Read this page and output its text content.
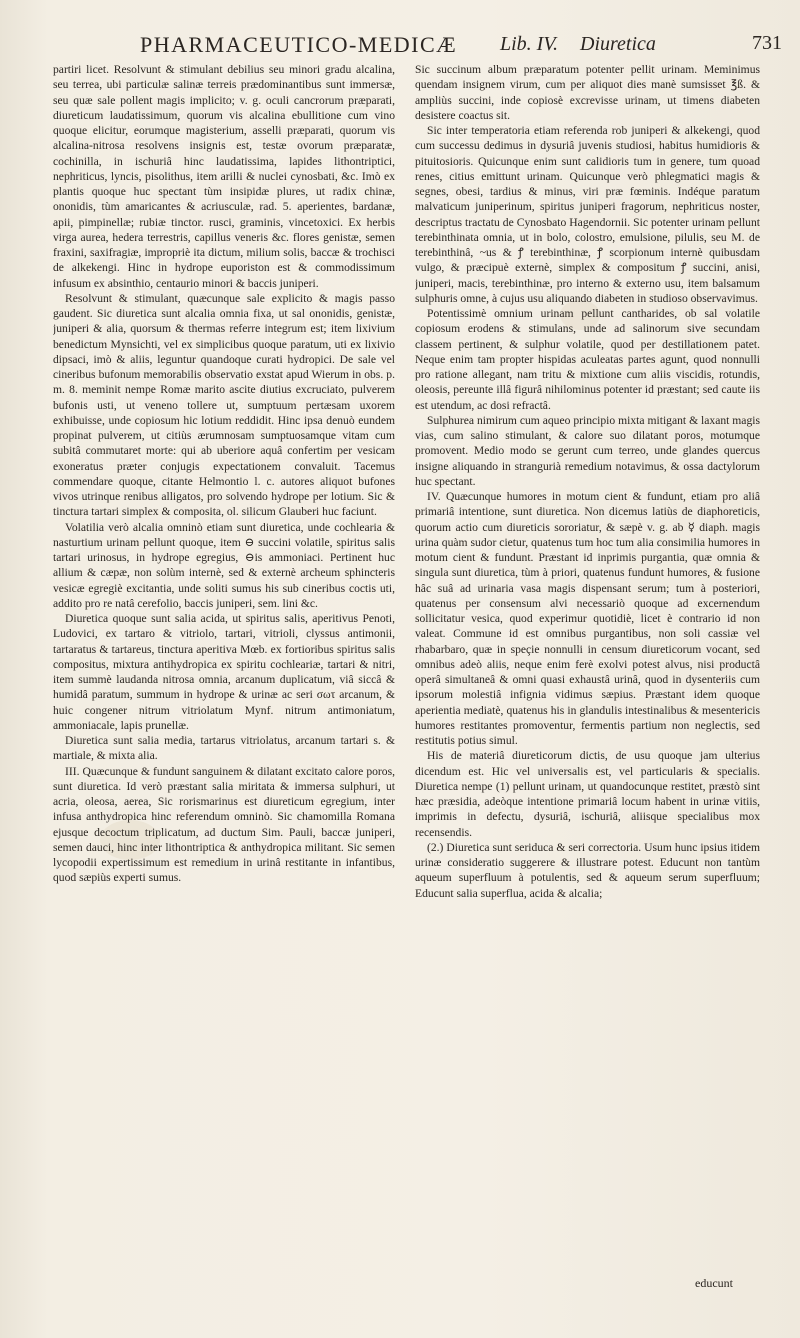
PHARMACEUTICO-MEDICÆ Lib. IV. Diuretica	731

partiri licet. Resolvunt & stimulant debilius seu minori gradu alcalina, seu terrea, ubi particulæ salinæ terreis prædominantibus sunt immersæ, seu quæ sale pollent magis implicito; v. g. oculi cancrorum præparati, diureticum laudatissimum, quorum vis alcalina ebullitione cum vino quoque elicitur, eorumque magisterium, asselli præparati, quorum vis alcalina-nitrosa resolvens insignis est, testæ ovorum præparatæ, cochinilla, in ischuriâ hinc laudatissima, lapides lithontriptici, nephriticus, lyncis, pisolithus, item arilli & nuclei cynosbati, &c. Imò ex plantis quoque huc spectant tùm insipidæ plures, ut radix chinæ, ononidis, tùm amaricantes & acriusculæ, rad. 5. aperientes, bardanæ, apii, pimpinellæ; rubiæ tinctor. rusci, graminis, vincetoxici. Ex herbis virga aurea, hedera terrestris, capillus veneris &c. flores genistæ, semen fraxini, saxifragiæ, impropriè ita dictum, milium solis, baccæ & trochisci de alkekengi. Hinc in hydrope euporiston est & commodissimum infusum ex absinthio, centaurio minori & baccis juniperi.

Resolvunt & stimulant, quæcunque sale explicito & magis passo gaudent. Sic diuretica sunt alcalia omnia fixa, ut sal ononidis, genistæ, juniperi & alia, quorsum & thermas referre integrum est; item lixivium benedictum Mynsichti, vel ex simplicibus quoque paratum, uti ex lixivio dipsaci, imò & aliis, leguntur quandoque curati hydropici. De sale vel cineribus bufonum memorabilis observatio exstat apud Wierum in obs. p. m. 8. meminit nempe Romæ marito ascite diutius excruciato, pulverem bufonis usti, ut veneno tollere ut, sumptuum pertæsam uxorem exhibuisse, unde copiosum hic lotium reddidit. Hinc ipsa denuò eundem propinat pulverem, ut citiùs ærumnosam sumptuosamque vitam cum subitâ commutaret morte: qui ab uberiore aquâ confertim per vesicam exoneratus præter conjugis expectationem convaluit. Tacemus commendare quoque, citante Helmontio l. c. autores aliquot bufones vivos utrinque renibus alligatos, pro solvendo hydrope per lotium. Sic & tinctura tartari simplex & composita, ol. silicum Glauberi huc faciunt.

Volatilia verò alcalia omninò etiam sunt diuretica, unde cochlearia & nasturtium urinam pellunt quoque, item ⊖ succini volatile, spiritus salis tartari urinosus, in hydrope egregius, ⊖is ammoniaci. Pertinent huc allium & cæpæ, non solùm internè, sed & externè archeum sphincteris vesicæ egregiè excitantia, unde soliti sumus his sub cineribus coctis uti, addito pro re natâ cerefolio, baccis juniperi, sem. lini &c.

Diuretica quoque sunt salia acida, ut spiritus salis, aperitivus Penoti, Ludovici, ex tartaro & vitriolo, tartari, vitrioli, clyssus antimonii, tartaratus & tartareus, tinctura aperitiva Mœb. ex fortioribus spiritus salis compositus, mixtura antihydropica ex spiritu cochleariæ, tartari & nitri, item summè laudanda nitrosa omnia, arcanum duplicatum, viâ siccâ & humidâ paratum, summum in hydrope & urinæ ac seri σωτ arcanum, & huic congener nitrum vitriolatum Mynf. nitrum antimoniatum, ammoniacale, lapis prunellæ.

Diuretica sunt salia media, tartarus vitriolatus, arcanum tartari s. & martiale, & mixta alia.

III. Quæcunque & fundunt sanguinem & dilatant excitato calore poros, sunt diuretica. Id verò præstant salia miritata & immersa sulphuri, ut acria, oleosa, aerea, Sic rorismarinus est diureticum egregium, inter infusa anthydropica hinc referendum omninò. Sic chamomilla Romana ejusque decoctum triplicatum, ad ductum Sim. Pauli, baccæ juniperi, semen dauci, hinc inter lithontriptica & anthydropica militant. Sic semen lycopodii expertissimum est remedium in urinâ restitante in infantibus, quod sæpiùs experti sumus.

Sic succinum album præparatum potenter pellit urinam. Meminimus quendam insignem virum, cum per aliquot dies manè sumsisset ℥ß. & ampliùs succini, inde copiosè excrevisse urinam, ut timens diabeten desistere coactus sit.

Sic inter temperatoria etiam referenda rob juniperi & alkekengi, quod cum successu dedimus in dysuriâ juvenis studiosi, habitus humidioris & pituitosioris. Quicunque enim sunt calidioris tum in genere, tum quoad renes, citius emittunt urinam. Quicunque verò phlegmatici magis & segnes, obesi, tardius & minus, viri præ fœminis. Indéque paratum malvaticum juniperinum, spiritus juniperi fragorum, nephriticus noster, descriptus tractatu de Cynosbato Hagendornii. Sic potenter urinam pellunt terebinthinata omnia, ut in bolo, colostro, emulsione, pilulis, seu M. de terebinthinâ, ~us & ꝭ terebinthinæ, ꝭ scorpionum internè quibusdam vulgo, & præcipuè externè, simplex & compositum ꝭ succini, anisi, juniperi, macis, terebinthinæ, pro interno & externo usu, item balsamum sulphuris omne, à cujus usu aliquando diabeten in studioso observavimus.

Potentissimè omnium urinam pellunt cantharides, ob sal volatile copiosum erodens & stimulans, unde ad salinorum sive secundam classem pertinent, & sulphur volatile, quod per destillationem patet. Neque enim tam propter hispidas aculeatas partes agunt, quod nonnulli pro ratione allegant, nam tritu & mixtione cum aliis viscidis, rotundis, oleosis, pereunte illâ figurâ nihilominus potenter id præstant; sed caute iis est utendum, ac dosi refractâ.

Sulphurea nimirum cum aqueo principio mixta mitigant & laxant magis vias, cum salino stimulant, & calore suo dilatant poros, motumque promovent. Medio modo se gerunt cum terreo, unde glandes quercus insigne aliquando in strangurià remedium notavimus, & ossa dactylorum huc spectant.

IV. Quæcunque humores in motum cient & fundunt, etiam pro aliâ primariâ intentione, sunt diuretica. Non dicemus latiùs de diaphoreticis, quorum actio cum diureticis sororiatur, & sæpè v. g. ab ☿ diaph. magis urina quàm sudor cietur, quatenus tum hoc tum alia consimilia humores in motum cient & fundunt. Præstant id inprimis purgantia, quæ omnia & singula sunt diuretica, tùm à priori, quatenus fundunt humores, & fusione hâc suâ ad urinaria vasa magis dispensant serum; tum à posteriori, quatenus per consensum alvi necessariò quoque ad excernendum sollicitatur vesica, quod experimur quotidiè, licet è contrario id non valeat. Commune id est omnibus purgantibus, non soli cassiæ vel rhabarbaro, quæ in speçie nonnulli in censum diureticorum vocant, sed omnibus adeò aliis, neque enim ferè exolvi potest alvus, nisi productâ operâ simultaneâ & omni quasi exhaustâ urinâ, quod in dysenteriis cum ipsorum molestiâ infignia vidimus sæpius. Præstant idem quoque aperientia mediatè, quatenus his in glandulis intestinalibus & mesentericis humores restitantes promoventur, fermentis partium non neglectis, sed restitutis potius simul.

His de materiâ diureticorum dictis, de usu quoque jam ulterius dicendum est. Hic vel universalis est, vel particularis & specialis. Diuretica nempe (1) pellunt urinam, ut quandocunque restitet, præstò sint hæc præsidia, adeòque intentione primariâ locum habent in urinæ vitiis, imprimis in defectu, dysuriâ, ischuriâ, aliisque specialibus mox recensendis.

(2.) Diuretica sunt seriduca & seri correctoria. Usum hunc ipsius itidem urinæ consideratio suggerere & illustrare potest. Educunt non tantùm aqueum superfluum à potulentis, sed & aqueum serum superfluum; Educunt salia superflua, acida & alcalia;

educunt
